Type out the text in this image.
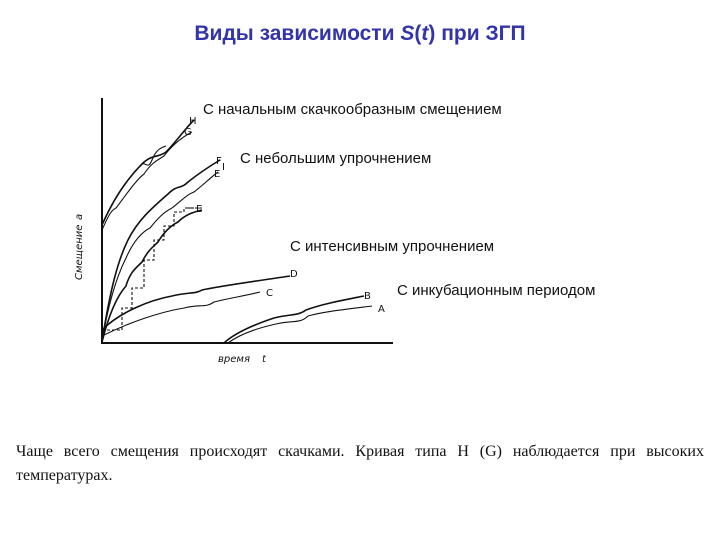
Виды зависимости S(t) при ЗГП
Смещение
a
время t
H
G
F
E
I
E
D
C	B
A
С начальным скачкообразным смещением
С небольшим упрочнением
С интенсивным упрочнением
С инкубационным периодом
Чаще всего смещения происходят скачками. Кривая типа H (G) наблюдается при высоких температурах.
